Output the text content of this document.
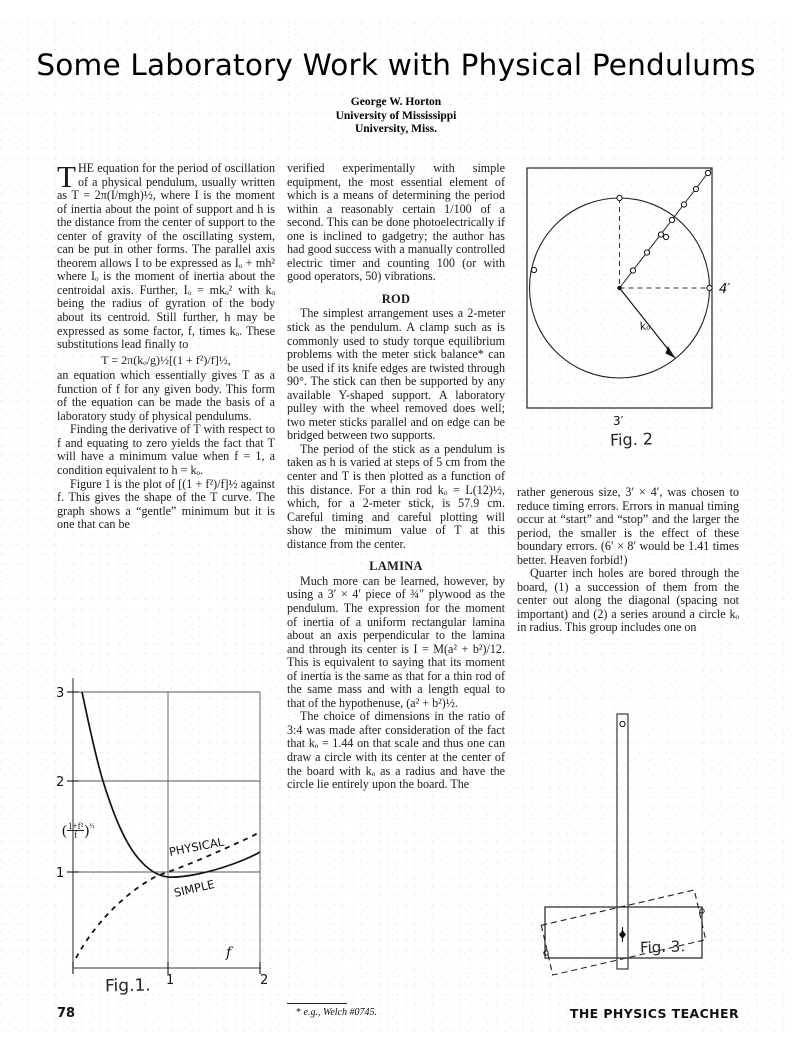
Some Laboratory Work with Physical Pendulums
George W. Horton
University of Mississippi
University, Miss.

THE equation for the period of oscillation of a physical pendulum, usually written as T = 2π(I/mgh)½, where I is the moment of inertia about the point of support and h is the distance from the center of support to the center of gravity of the oscillating system, can be put in other forms. The parallel axis theorem allows I to be expressed as Iₒ + mh² where Iₒ is the moment of inertia about the centroidal axis. Further, Iₒ = mkₒ² with kₒ being the radius of gyration of the body about its centroid. Still further, h may be expressed as some factor, f, times kₒ. These substitutions lead finally to

T = 2π(kₒ/g)½[(1 + f²)/f]½,

an equation which essentially gives T as a function of f for any given body. This form of the equation can be made the basis of a laboratory study of physical pendulums.

Finding the derivative of T with respect to f and equating to zero yields the fact that T will have a minimum value when f = 1, a condition equivalent to h = kₒ.

Figure 1 is the plot of [(1 + f²)/f]½ against f. This gives the shape of the T curve. The graph shows a “gentle” minimum but it is one that can be

PHYSICAL
SIMPLE
3
2
1
1	2
f
( $\frac{\text{1+f²}}{f} )^{\frac{1}{2}}$
Fig.1.

verified experimentally with simple equipment, the most essential element of which is a means of determining the period within a reasonably certain 1/100 of a second. This can be done photoelectrically if one is inclined to gadgetry; the author has had good success with a manually controlled electric timer and counting 100 (or with good operators, 50) vibrations.

ROD

The simplest arrangement uses a 2-meter stick as the pendulum. A clamp such as is commonly used to study torque equilibrium problems with the meter stick balance* can be used if its knife edges are twisted through 90°. The stick can then be supported by any available Y-shaped support. A laboratory pulley with the wheel removed does well; two meter sticks parallel and on edge can be bridged between two supports.

The period of the stick as a pendulum is taken as h is varied at steps of 5 cm from the center and T is then plotted as a function of this distance. For a thin rod kₒ = L(12)½, which, for a 2-meter stick, is 57.9 cm. Careful timing and careful plotting will show the minimum value of T at this distance from the center.

LAMINA

Much more can be learned, however, by using a 3′ × 4′ piece of ¾″ plywood as the pendulum. The expression for the moment of inertia of a uniform rectangular lamina about an axis perpendicular to the lamina and through its center is I = M(a² + b²)/12. This is equivalent to saying that its moment of inertia is the same as that for a thin rod of the same mass and with a length equal to that of the hypothenuse, (a² + b²)½.

The choice of dimensions in the ratio of 3:4 was made after consideration of the fact that kₒ = 1.44 on that scale and thus one can draw a circle with its center at the center of the board with kₒ as a radius and have the circle lie entirely upon the board. The

* e.g., Welch #0745.
kₒ
3′
4′
Fig. 2

rather generous size, 3′ × 4′, was chosen to reduce timing errors. Errors in manual timing occur at “start” and “stop” and the larger the period, the smaller is the effect of these boundary errors. (6′ × 8′ would be 1.41 times better. Heaven forbid!)

Quarter inch holes are bored through the board, (1) a succession of them from the center out along the diagonal (spacing not important) and (2) a series around a circle kₒ in radius. This group includes one on

Fig. 3.
78	THE PHYSICS TEACHER
